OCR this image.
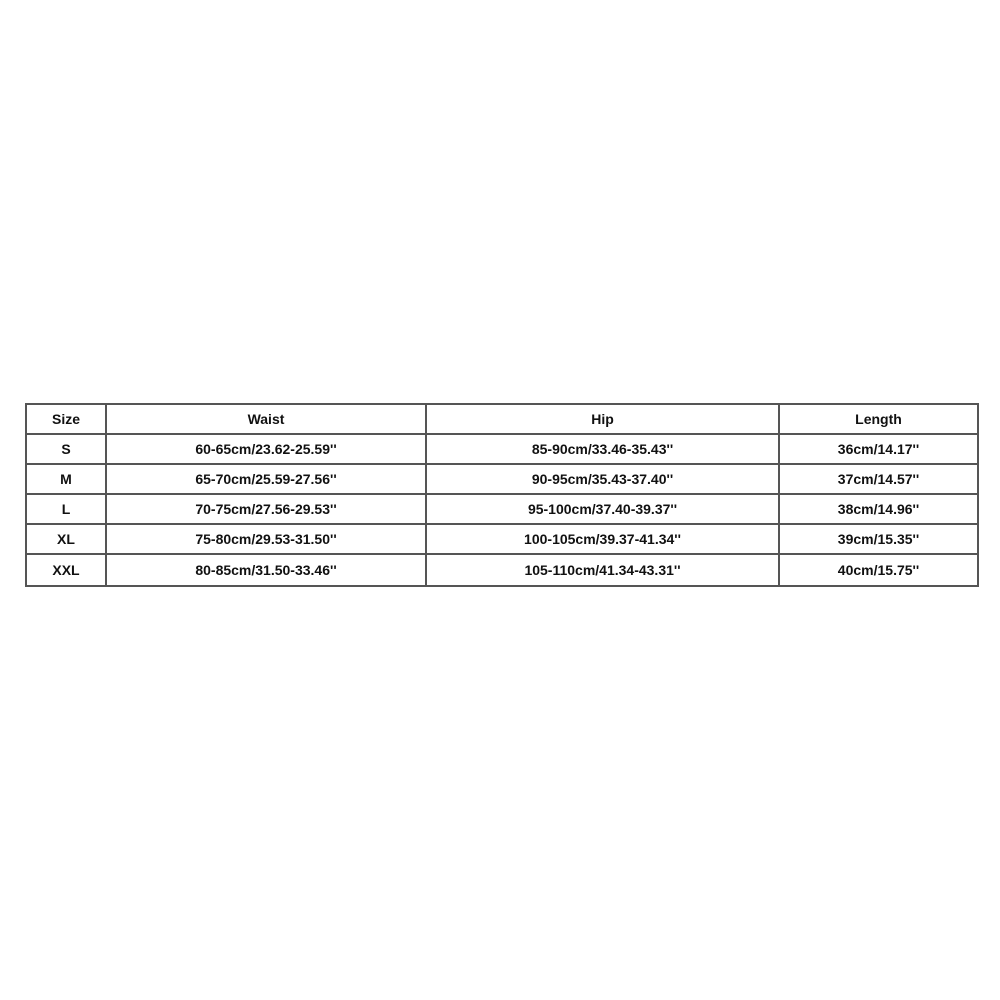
Size	Waist	Hip	Length
S	60-65cm/23.62-25.59''	85-90cm/33.46-35.43''	36cm/14.17''
M	65-70cm/25.59-27.56''	90-95cm/35.43-37.40''	37cm/14.57''
L	70-75cm/27.56-29.53''	95-100cm/37.40-39.37''	38cm/14.96''
XL	75-80cm/29.53-31.50''	100-105cm/39.37-41.34''	39cm/15.35''
XXL	80-85cm/31.50-33.46''	105-110cm/41.34-43.31''	40cm/15.75''
